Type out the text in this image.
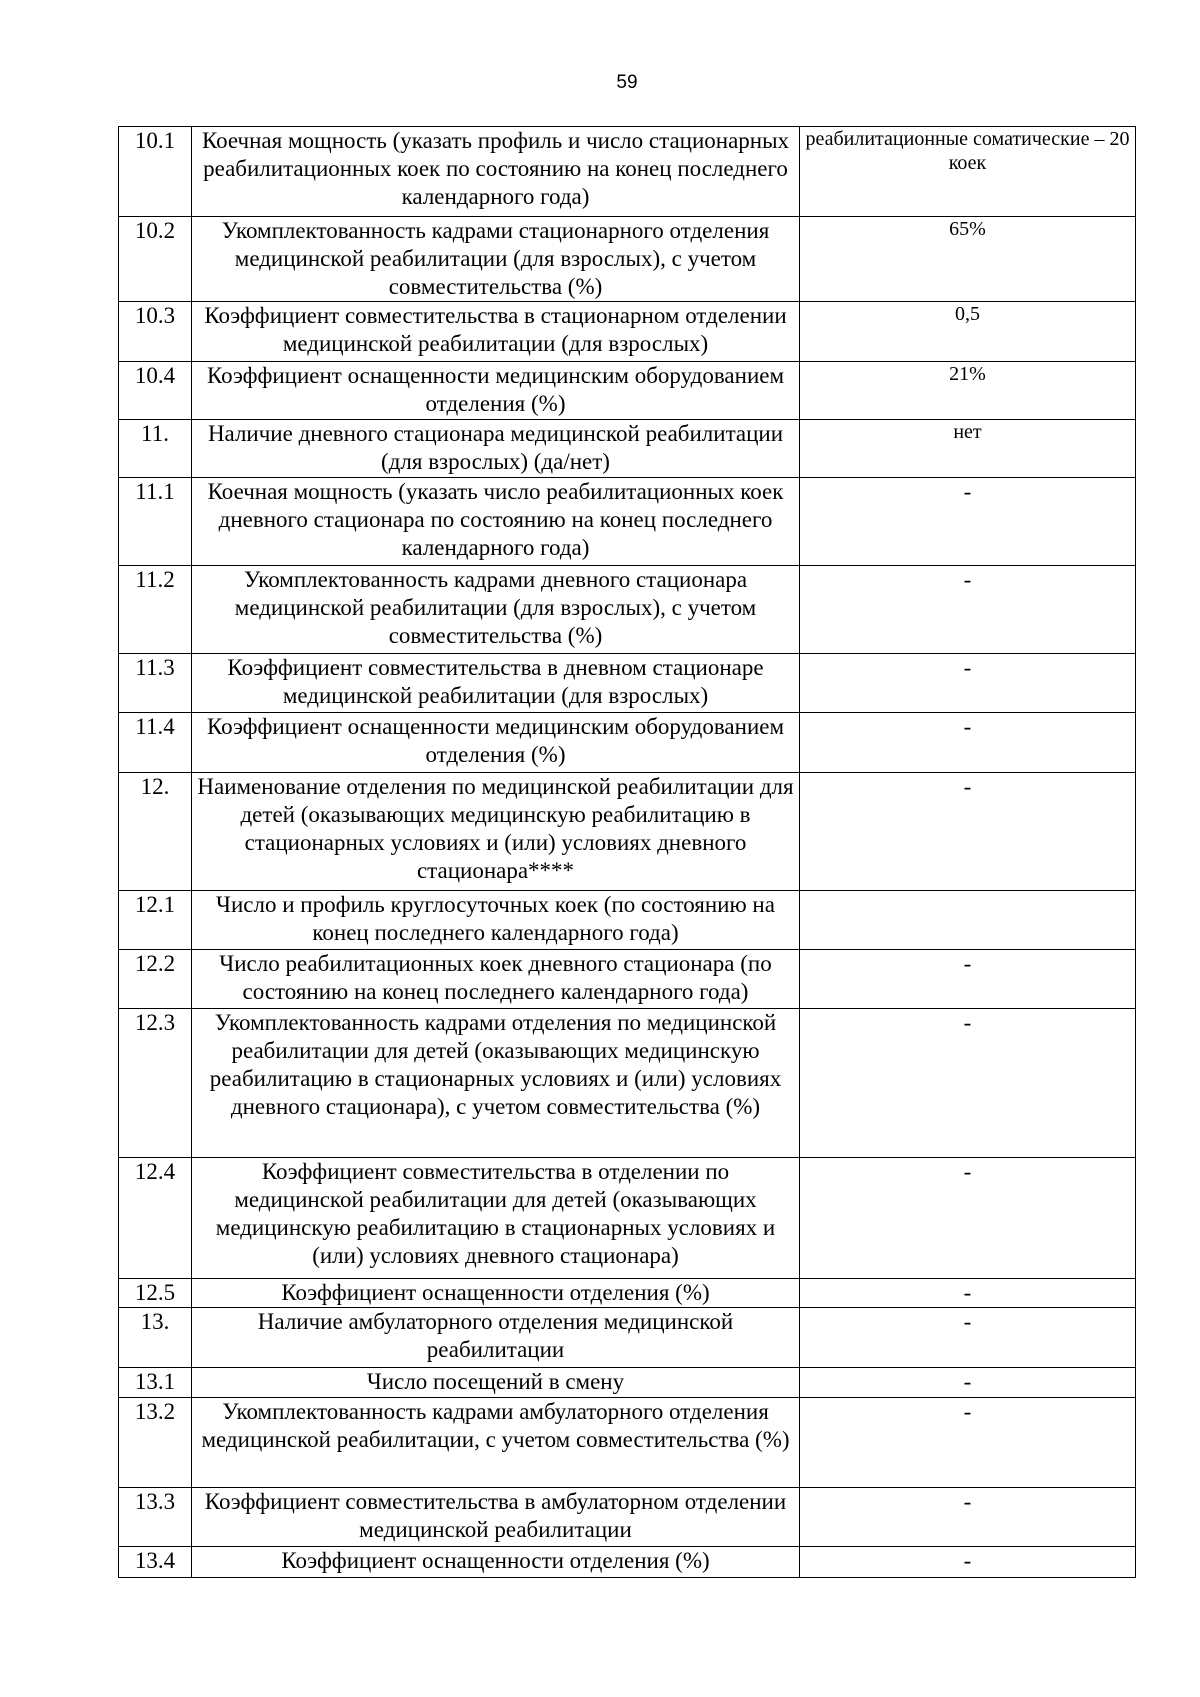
59
10.1	Коечная мощность (указать профиль и число стационарных реабилитационных коек по состоянию на конец последнего календарного года)	реабилитационные соматические – 20 коек
10.2	Укомплектованность кадрами стационарного отделения медицинской реабилитации (для взрослых), с учетом совместительства (%)	65%
10.3	Коэффициент совместительства в стационарном отделении медицинской реабилитации (для взрослых)	0,5
10.4	Коэффициент оснащенности медицинским оборудованием отделения (%)	21%
11.	Наличие дневного стационара медицинской реабилитации (для взрослых) (да/нет)	нет
11.1	Коечная мощность (указать число реабилитационных коек дневного стационара по состоянию на конец последнего календарного года)	-
11.2	Укомплектованность кадрами дневного стационара медицинской реабилитации (для взрослых), с учетом совместительства (%)	-
11.3	Коэффициент совместительства в дневном стационаре медицинской реабилитации (для взрослых)	-
11.4	Коэффициент оснащенности медицинским оборудованием отделения (%)	-
12.	Наименование отделения по медицинской реабилитации для детей (оказывающих медицинскую реабилитацию в стационарных условиях и (или) условиях дневного стационара****	-
12.1	Число и профиль круглосуточных коек (по состоянию на конец последнего календарного года)	
12.2	Число реабилитационных коек дневного стационара (по состоянию на конец последнего календарного года)	-
12.3	Укомплектованность кадрами отделения по медицинской реабилитации для детей (оказывающих медицинскую реабилитацию в стационарных условиях и (или) условиях дневного стационара), с учетом совместительства (%)	-
12.4	Коэффициент совместительства в отделении по медицинской реабилитации для детей (оказывающих медицинскую реабилитацию в стационарных условиях и (или) условиях дневного стационара)	-
12.5	Коэффициент оснащенности отделения (%)	-
13.	Наличие амбулаторного отделения медицинской реабилитации	-
13.1	Число посещений в смену	-
13.2	Укомплектованность кадрами амбулаторного отделения медицинской реабилитации, с учетом совместительства (%)	-
13.3	Коэффициент совместительства в амбулаторном отделении медицинской реабилитации	-
13.4	Коэффициент оснащенности отделения (%)	-
